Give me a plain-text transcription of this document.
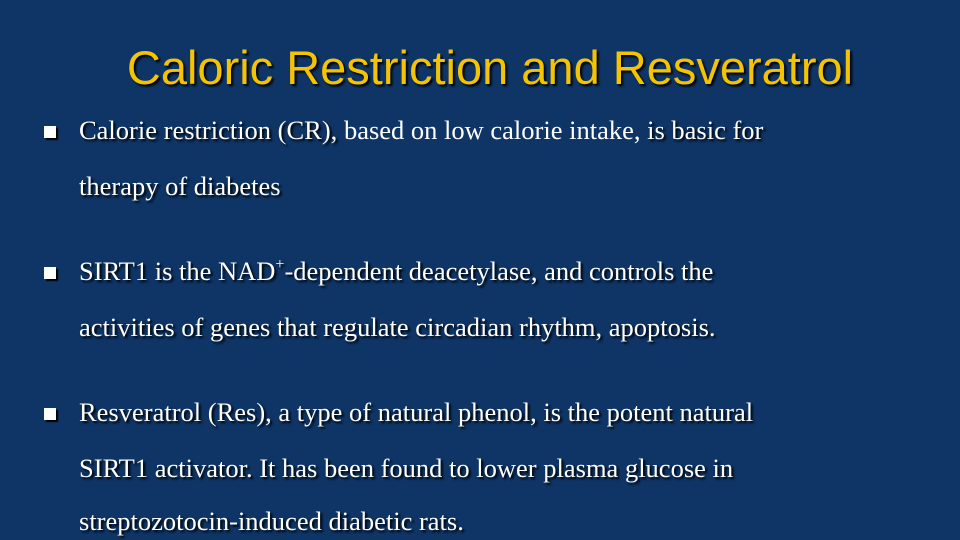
Caloric Restriction and Resveratrol
Calorie restriction (CR), based on low calorie intake, is basic for
therapy of diabetes
SIRT1 is the NAD+-dependent deacetylase, and controls the
activities of genes that regulate circadian rhythm, apoptosis.
Resveratrol (Res), a type of natural phenol, is the potent natural
SIRT1 activator. It has been found to lower plasma glucose in
streptozotocin-induced diabetic rats.
